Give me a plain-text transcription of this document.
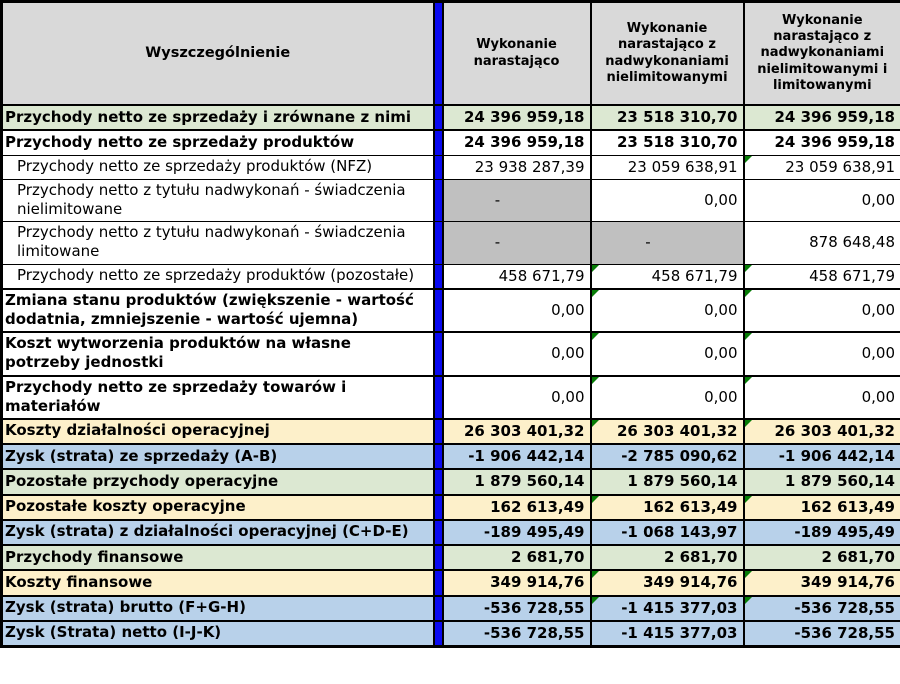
Wyszczególnienie		Wykonanie narastająco	Wykonanie narastająco z nadwykonaniami nielimitowanymi	Wykonanie narastająco z nadwykonaniami nielimitowanymi i limitowanymi
Przychody netto ze sprzedaży i zrównane z nimi		24 396 959,18	23 518 310,70	24 396 959,18
Przychody netto ze sprzedaży produktów		24 396 959,18	23 518 310,70	24 396 959,18
Przychody netto ze sprzedaży produktów (NFZ)		23 938 287,39	23 059 638,91	23 059 638,91
Przychody netto z tytułu nadwykonań - świadczenia nielimitowane		-	0,00	0,00
Przychody netto z tytułu nadwykonań - świadczenia limitowane		-	-	878 648,48
Przychody netto ze sprzedaży produktów (pozostałe)		458 671,79	458 671,79	458 671,79
Zmiana stanu produktów (zwiększenie - wartość dodatnia, zmniejszenie - wartość ujemna)		0,00	0,00	0,00
Koszt wytworzenia produktów na własne potrzeby jednostki		0,00	0,00	0,00
Przychody netto ze sprzedaży towarów i materiałów		0,00	0,00	0,00
Koszty działalności operacyjnej		26 303 401,32	26 303 401,32	26 303 401,32
Zysk (strata) ze sprzedaży (A-B)		-1 906 442,14	-2 785 090,62	-1 906 442,14
Pozostałe przychody operacyjne		1 879 560,14	1 879 560,14	1 879 560,14
Pozostałe koszty operacyjne		162 613,49	162 613,49	162 613,49
Zysk (strata) z działalności operacyjnej (C+D-E)		-189 495,49	-1 068 143,97	-189 495,49
Przychody finansowe		2 681,70	2 681,70	2 681,70
Koszty finansowe		349 914,76	349 914,76	349 914,76
Zysk (strata) brutto (F+G-H)		-536 728,55	-1 415 377,03	-536 728,55
Zysk (Strata) netto (I-J-K)		-536 728,55	-1 415 377,03	-536 728,55
